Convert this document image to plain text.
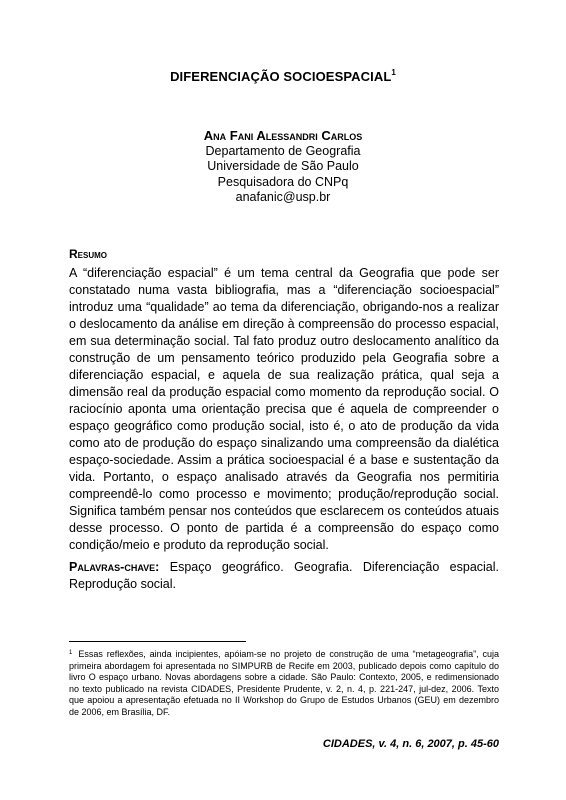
DIFERENCIAÇÃO SOCIOESPACIAL$^1$
Ana Fani Alessandri Carlos
Departamento de Geografia
Universidade de São Paulo
Pesquisadora do CNPq
anafanic@usp.br
Resumo

A “diferenciação espacial” é um tema central da Geografia que pode ser constatado numa vasta bibliografia, mas a “diferenciação socioespacial” introduz uma “qualidade” ao tema da diferenciação, obrigando-nos a realizar o deslocamento da análise em direção à compreensão do processo espacial, em sua determinação social. Tal fato produz outro deslocamento analítico da construção de um pensamento teórico produzido pela Geografia sobre a diferenciação espacial, e aquela de sua realização prática, qual seja a dimensão real da produção espacial como momento da reprodução social. O raciocínio aponta uma orientação precisa que é aquela de compreender o espaço geográfico como produção social, isto é, o ato de produção da vida como ato de produção do espaço sinalizando uma compreensão da dialética espaço-sociedade. Assim a prática socioespacial é a base e sustentação da vida. Portanto, o espaço analisado através da Geografia nos permitiria compreendê-lo como processo e movimento; produção/reprodução social. Significa também pensar nos conteúdos que esclarecem os conteúdos atuais desse processo. O ponto de partida é a compreensão do espaço como condição/meio e produto da reprodução social.

Palavras-chave: Espaço geográfico. Geografia. Diferenciação espacial. Reprodução social.

$^1$ Essas reflexões, ainda incipientes, apóiam-se no projeto de construção de uma “metageografia”, cuja primeira abordagem foi apresentada no SIMPURB de Recife em 2003, publicado depois como capítulo do livro O espaço urbano. Novas abordagens sobre a cidade. São Paulo: Contexto, 2005, e redimensionado no texto publicado na revista CIDADES, Presidente Prudente, v. 2, n. 4, p. 221-247, jul-dez, 2006. Texto que apoiou a apresentação efetuada no II Workshop do Grupo de Estudos Urbanos (GEU) em dezembro de 2006, em Brasília, DF.

CIDADES, v. 4, n. 6, 2007, p. 45-60
